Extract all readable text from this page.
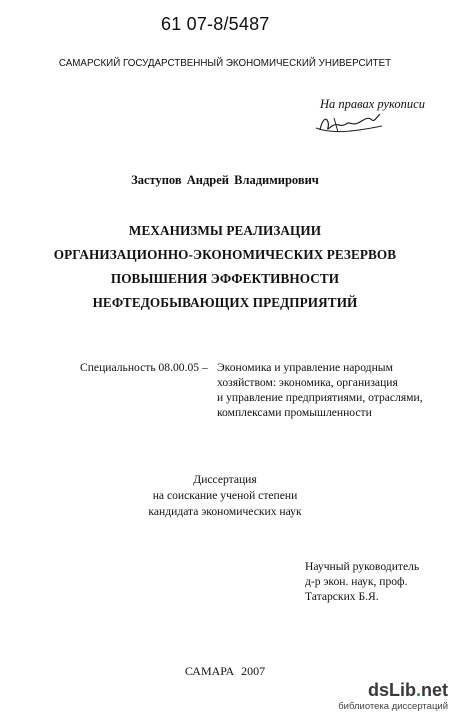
61 07-8/5487
САМАРСКИЙ ГОСУДАРСТВЕННЫЙ ЭКОНОМИЧЕСКИЙ УНИВЕРСИТЕТ
На правах рукописи
Заступов Андрей Владимирович
МЕХАНИЗМЫ РЕАЛИЗАЦИИ
ОРГАНИЗАЦИОННО-ЭКОНОМИЧЕСКИХ РЕЗЕРВОВ
ПОВЫШЕНИЯ ЭФФЕКТИВНОСТИ
НЕФТЕДОБЫВАЮЩИХ ПРЕДПРИЯТИЙ
Специальность 08.00.05 – Экономика и управление народным
хозяйством: экономика, организация
и управление предприятиями, отраслями,
комплексами промышленности
Диссертация
на соискание ученой степени
кандидата экономических наук
Научный руководитель
д-р экон. наук, проф.
Татарских Б.Я.
САМАРА 2007
dsLib.net
библиотека диссертаций
